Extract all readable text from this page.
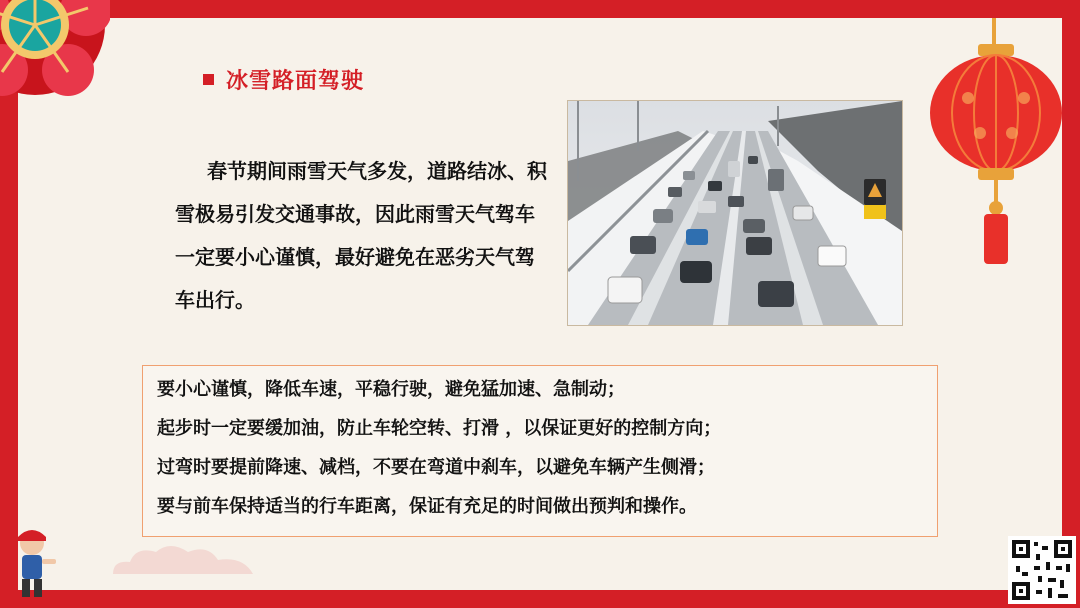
冰雪路面驾驶
春节期间雨雪天气多发，道路结冰、积雪极易引发交通事故，因此雨雪天气驾车一定要小心谨慎，最好避免在恶劣天气驾车出行。
要小心谨慎，降低车速，平稳行驶，避免猛加速、急制动；
起步时一定要缓加油，防止车轮空转、打滑 ，以保证更好的控制方向；
过弯时要提前降速、减档，不要在弯道中刹车，以避免车辆产生侧滑；
要与前车保持适当的行车距离，保证有充足的时间做出预判和操作。
